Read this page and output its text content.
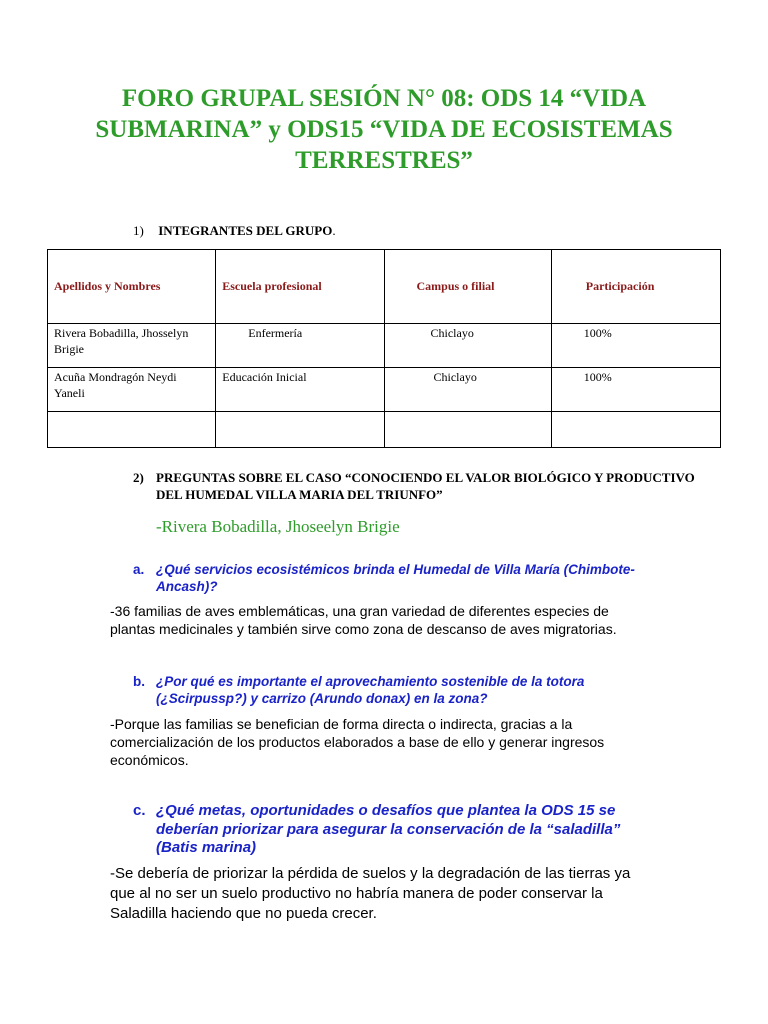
FORO GRUPAL SESIÓN N° 08: ODS 14 “VIDA SUBMARINA” y ODS15 “VIDA DE ECOSISTEMAS TERRESTRES”
1) INTEGRANTES DEL GRUPO.
Apellidos y Nombres	Escuela profesional	Campus o filial	Participación
Rivera Bobadilla, Jhosselyn Brigie	Enfermería	Chiclayo	100%
Acuña Mondragón Neydi Yaneli	Educación Inicial	Chiclayo	100%

2) PREGUNTAS SOBRE EL CASO “CONOCIENDO EL VALOR BIOLÓGICO Y PRODUCTIVO DEL HUMEDAL VILLA MARIA DEL TRIUNFO”
-Rivera Bobadilla, Jhoseelyn Brigie
a. ¿Qué servicios ecosistémicos brinda el Humedal de Villa María (Chimbote-Ancash)?
-36 familias de aves emblemáticas, una gran variedad de diferentes especies de plantas medicinales y también sirve como zona de descanso de aves migratorias.
b. ¿Por qué es importante el aprovechamiento sostenible de la totora (¿Scirpussp?) y carrizo (Arundo donax) en la zona?
-Porque las familias se benefician de forma directa o indirecta, gracias a la comercialización de los productos elaborados a base de ello y generar ingresos económicos.
c. ¿Qué metas, oportunidades o desafíos que plantea la ODS 15 se deberían priorizar para asegurar la conservación de la “saladilla” (Batis marina)
-Se debería de priorizar la pérdida de suelos y la degradación de las tierras ya que al no ser un suelo productivo no habría manera de poder conservar la Saladilla haciendo que no pueda crecer.
